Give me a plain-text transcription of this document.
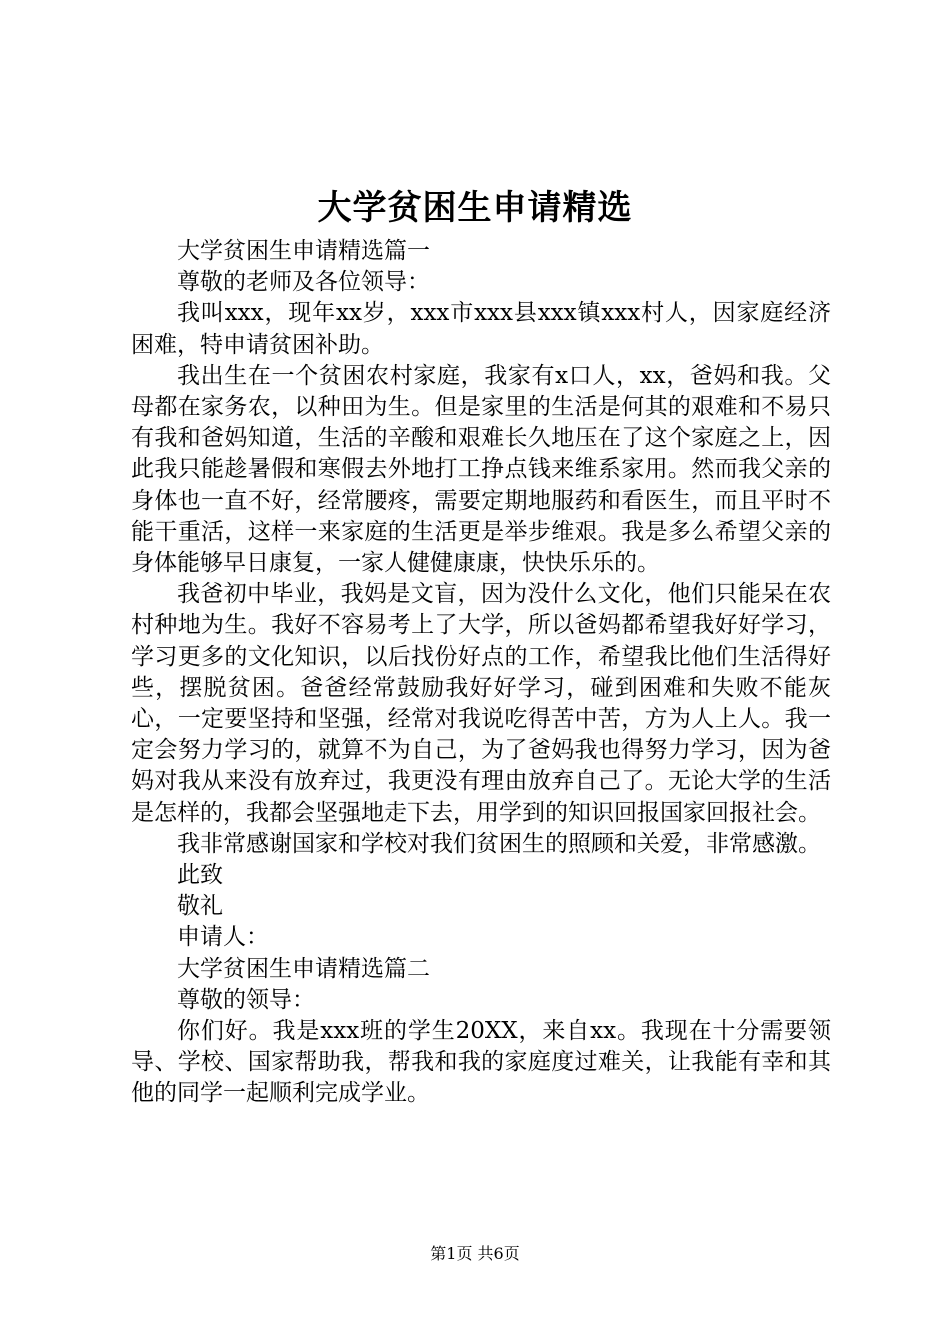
大学贫困生申请精选

大学贫困生申请精选篇一

尊敬的老师及各位领导：

我叫xxx，现年xx岁，xxx市xxx县xxx镇xxx村人，因家庭经济困难，特申请贫困补助。

我出生在一个贫困农村家庭，我家有x口人，xx，爸妈和我。父母都在家务农，以种田为生。但是家里的生活是何其的艰难和不易只有我和爸妈知道，生活的辛酸和艰难长久地压在了这个家庭之上，因此我只能趁暑假和寒假去外地打工挣点钱来维系家用。然而我父亲的身体也一直不好，经常腰疼，需要定期地服药和看医生，而且平时不能干重活，这样一来家庭的生活更是举步维艰。我是多么希望父亲的身体能够早日康复，一家人健健康康，快快乐乐的。

我爸初中毕业，我妈是文盲，因为没什么文化，他们只能呆在农村种地为生。我好不容易考上了大学，所以爸妈都希望我好好学习，学习更多的文化知识，以后找份好点的工作，希望我比他们生活得好些，摆脱贫困。爸爸经常鼓励我好好学习，碰到困难和失败不能灰心，一定要坚持和坚强，经常对我说吃得苦中苦，方为人上人。我一定会努力学习的，就算不为自己，为了爸妈我也得努力学习，因为爸妈对我从来没有放弃过，我更没有理由放弃自己了。无论大学的生活是怎样的，我都会坚强地走下去，用学到的知识回报国家回报社会。

我非常感谢国家和学校对我们贫困生的照顾和关爱，非常感激。

此致

敬礼

申请人：

大学贫困生申请精选篇二

尊敬的领导：

你们好。我是xxx班的学生20XX，来自xx。我现在十分需要领导、学校、国家帮助我，帮我和我的家庭度过难关，让我能有幸和其他的同学一起顺利完成学业。

第1页 共6页
